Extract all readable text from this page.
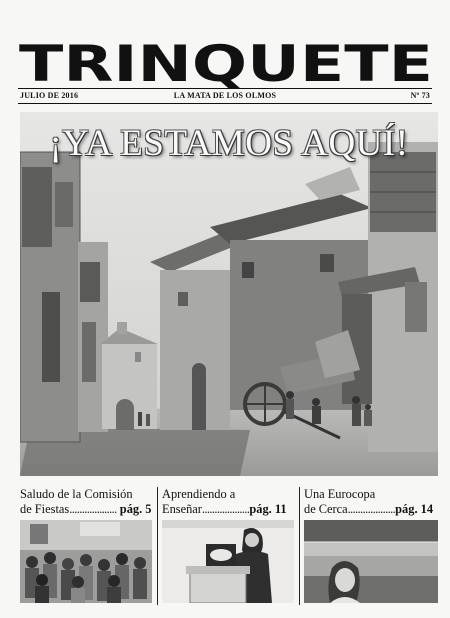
TRINQUETE
JULIO DE 2016	LA MATA DE LOS OLMOS	Nº 73
¡YA ESTAMOS AQUÍ!
Saludo de la Comisión
de Fiestas................... pág. 5
Aprendiendo a
Enseñar...................pág. 11
Una Eurocopa
de Cerca...................pág. 14
